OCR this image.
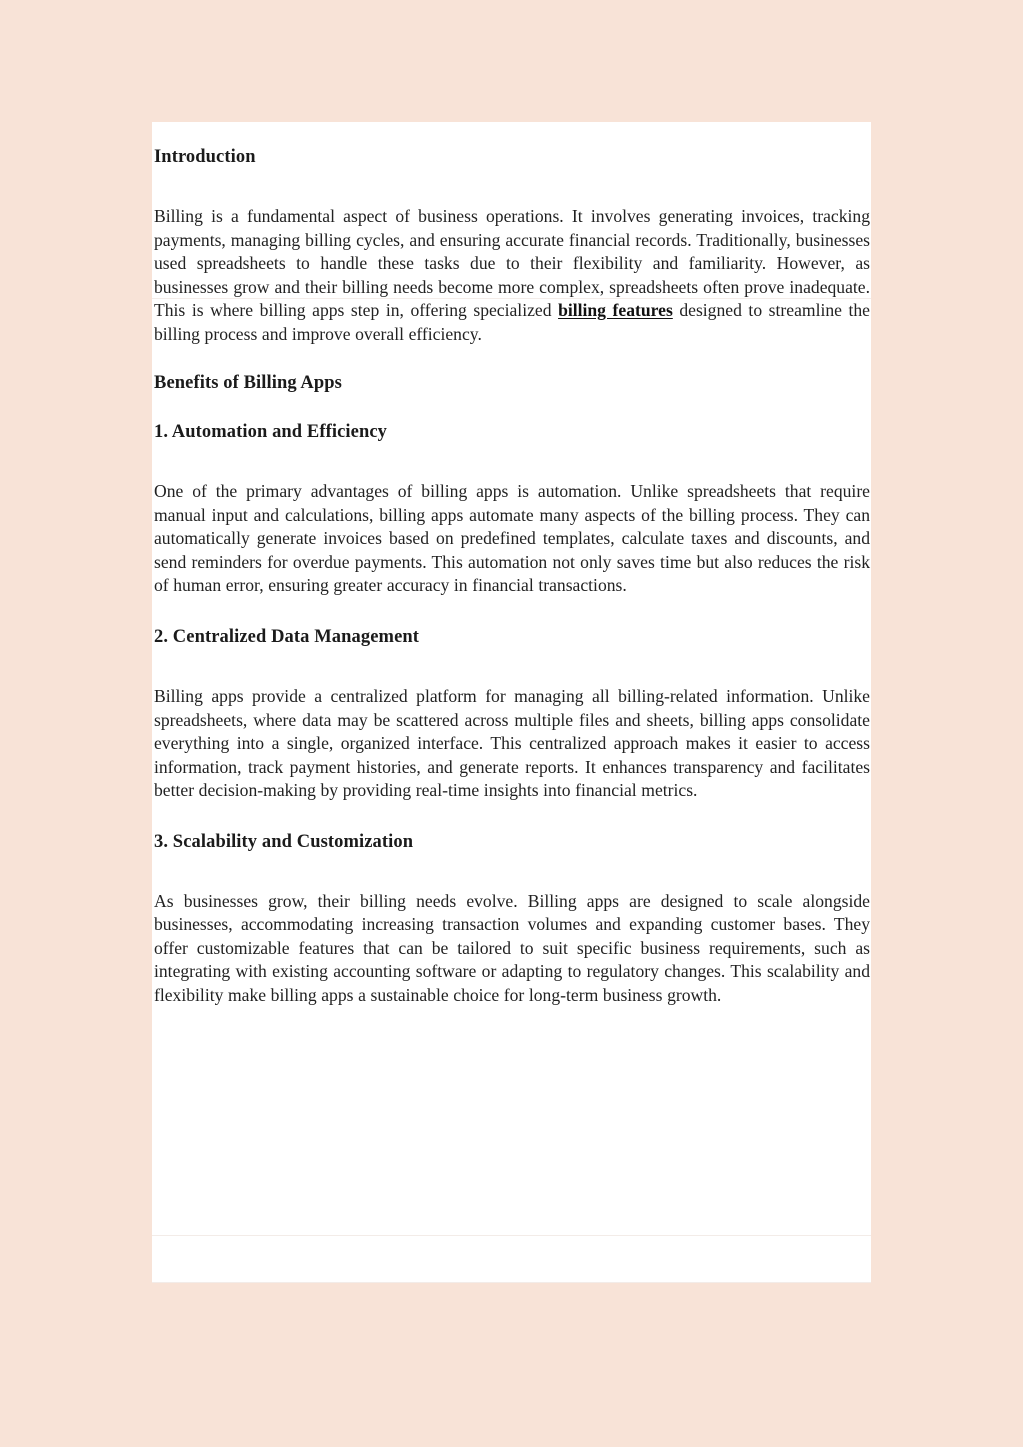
Introduction

Billing is a fundamental aspect of business operations. It involves generating invoices, tracking payments, managing billing cycles, and ensuring accurate financial records. Traditionally, businesses used spreadsheets to handle these tasks due to their flexibility and familiarity. However, as businesses grow and their billing needs become more complex, spreadsheets often prove inadequate. This is where billing apps step in, offering specialized billing features designed to streamline the billing process and improve overall efficiency.

Benefits of Billing Apps
1. Automation and Efficiency

One of the primary advantages of billing apps is automation. Unlike spreadsheets that require manual input and calculations, billing apps automate many aspects of the billing process. They can automatically generate invoices based on predefined templates, calculate taxes and discounts, and send reminders for overdue payments. This automation not only saves time but also reduces the risk of human error, ensuring greater accuracy in financial transactions.

2. Centralized Data Management

Billing apps provide a centralized platform for managing all billing-related information. Unlike spreadsheets, where data may be scattered across multiple files and sheets, billing apps consolidate everything into a single, organized interface. This centralized approach makes it easier to access information, track payment histories, and generate reports. It enhances transparency and facilitates better decision-making by providing real-time insights into financial metrics.

3. Scalability and Customization

As businesses grow, their billing needs evolve. Billing apps are designed to scale alongside businesses, accommodating increasing transaction volumes and expanding customer bases. They offer customizable features that can be tailored to suit specific business requirements, such as integrating with existing accounting software or adapting to regulatory changes. This scalability and flexibility make billing apps a sustainable choice for long-term business growth.
